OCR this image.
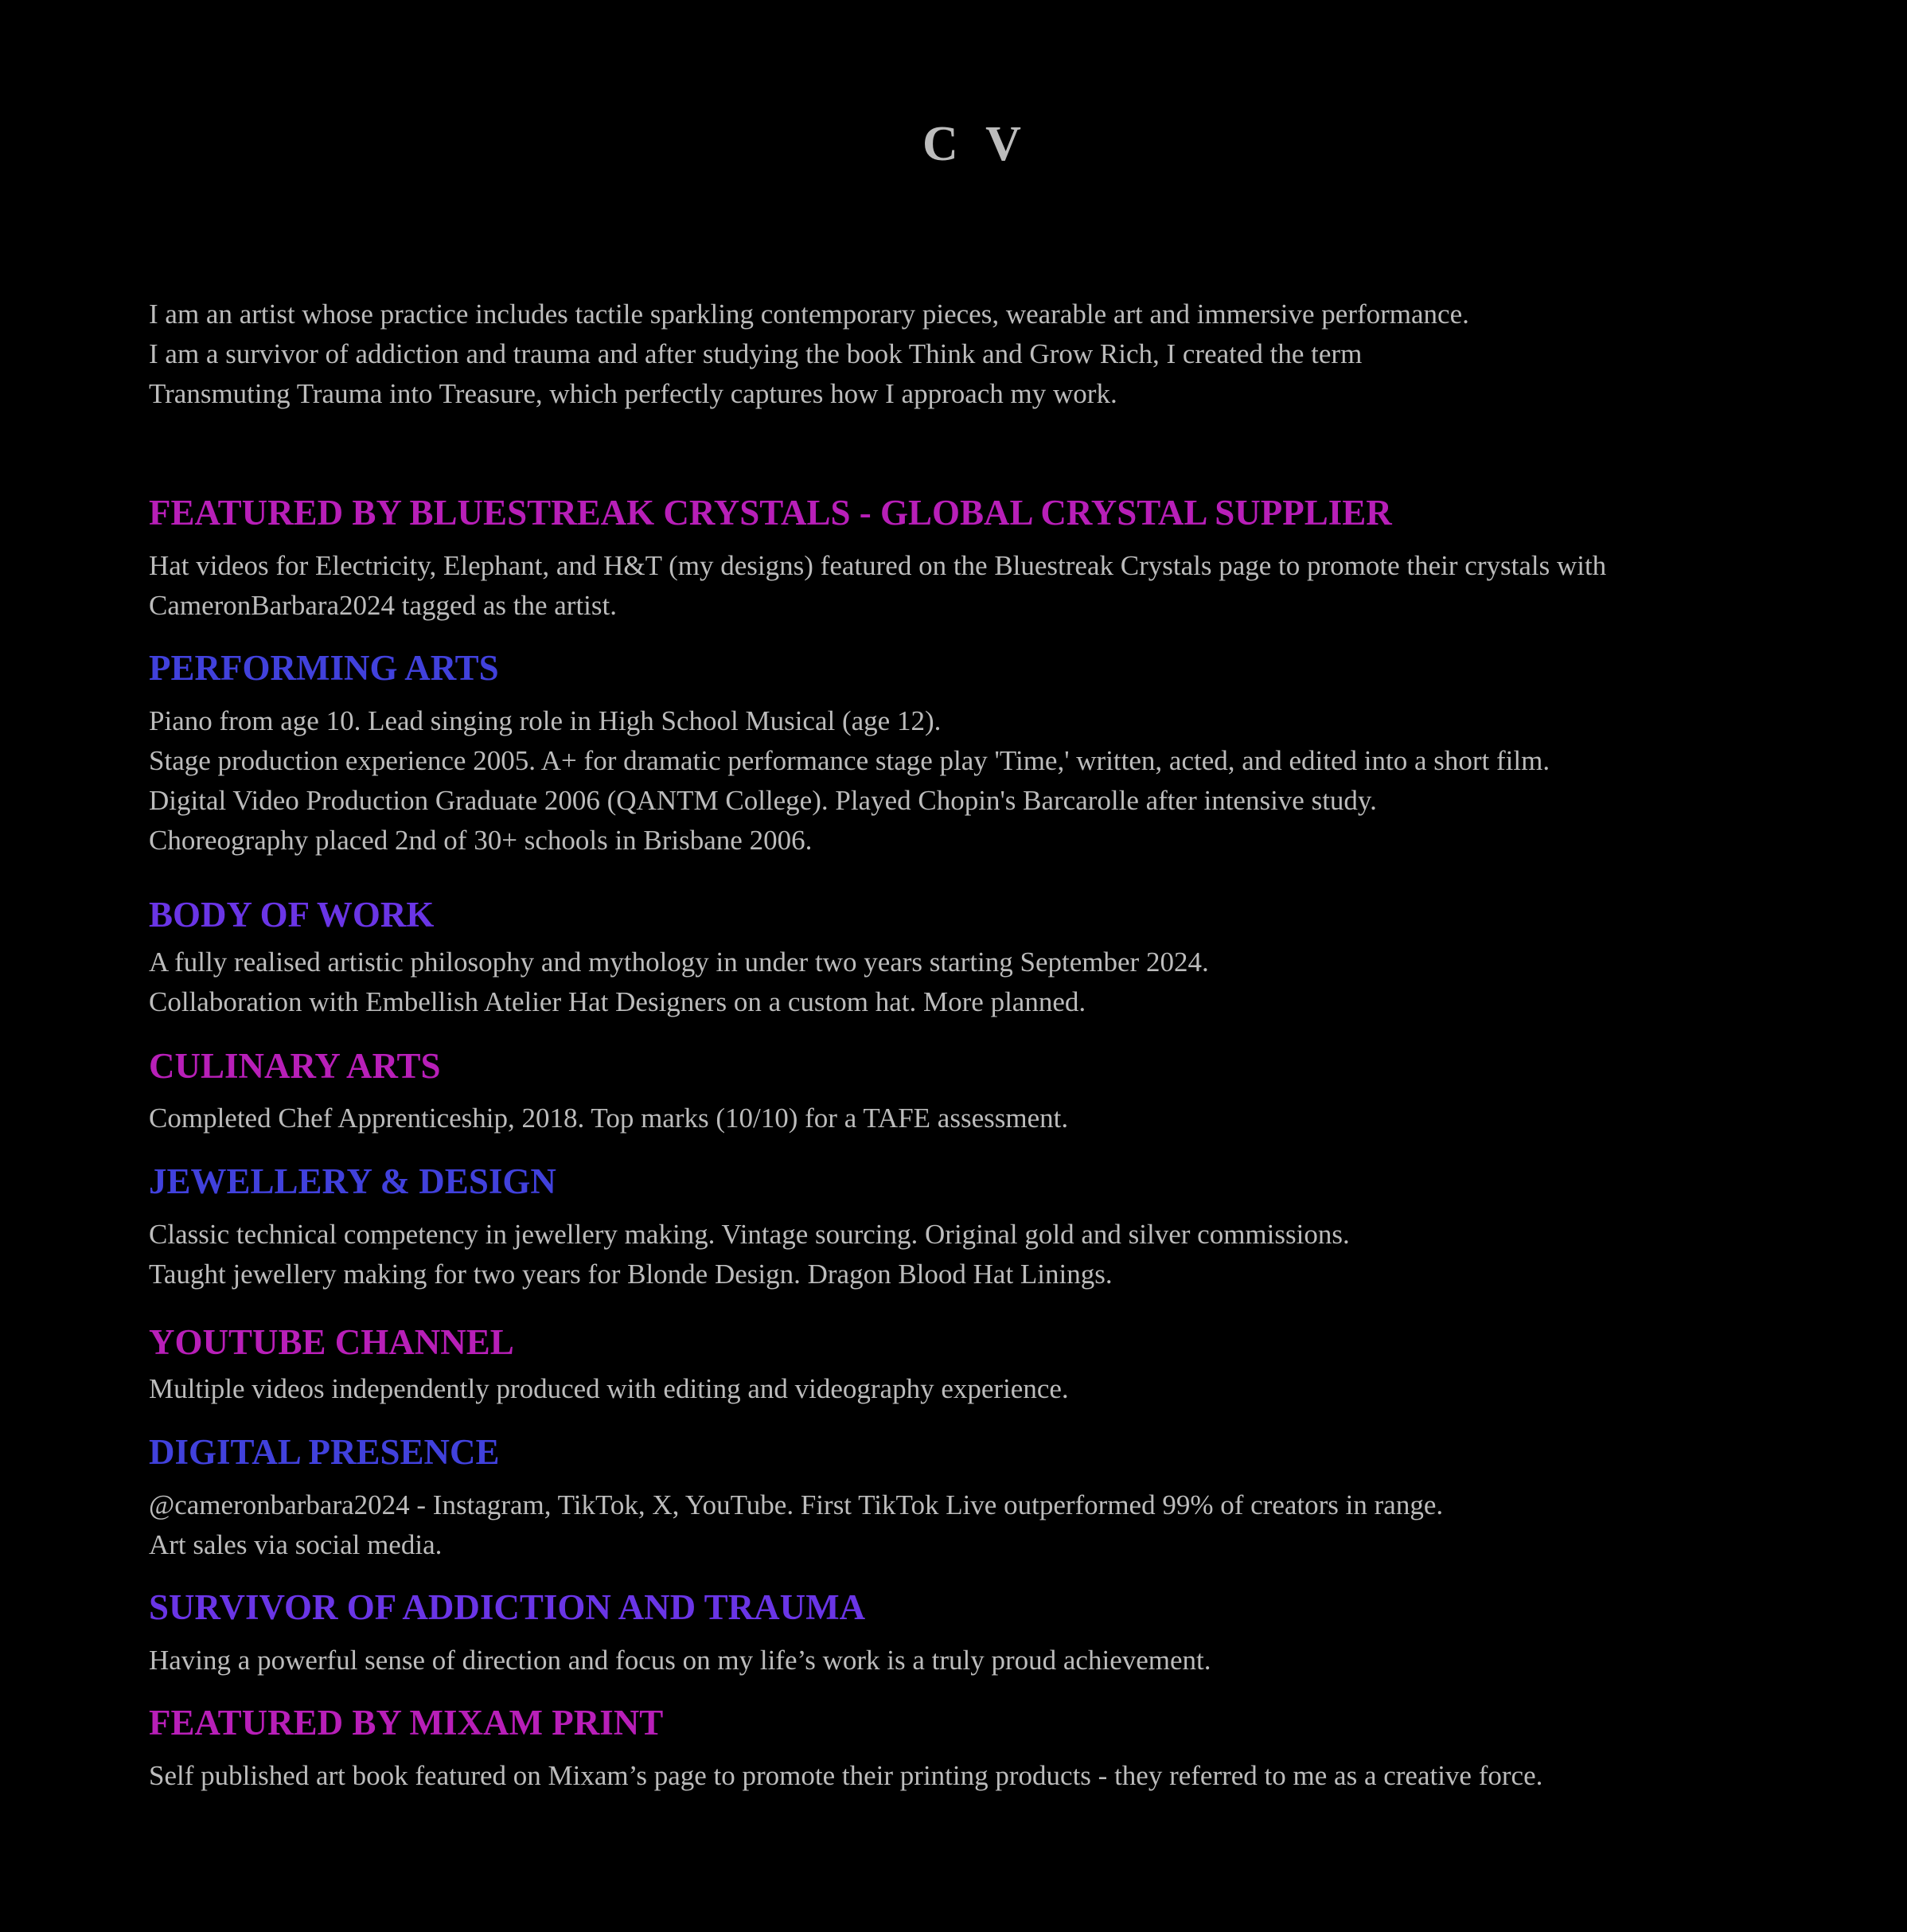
C V
I am an artist whose practice includes tactile sparkling contemporary pieces, wearable art and immersive performance.
I am a survivor of addiction and trauma and after studying the book Think and Grow Rich, I created the term
Transmuting Trauma into Treasure, which perfectly captures how I approach my work.
FEATURED BY BLUESTREAK CRYSTALS - GLOBAL CRYSTAL SUPPLIER
Hat videos for Electricity, Elephant, and H&T (my designs) featured on the Bluestreak Crystals page to promote their crystals with
CameronBarbara2024 tagged as the artist.
PERFORMING ARTS
Piano from age 10. Lead singing role in High School Musical (age 12).
Stage production experience 2005. A+ for dramatic performance stage play 'Time,' written, acted, and edited into a short film.
Digital Video Production Graduate 2006 (QANTM College). Played Chopin's Barcarolle after intensive study.
Choreography placed 2nd of 30+ schools in Brisbane 2006.
BODY OF WORK
A fully realised artistic philosophy and mythology in under two years starting September 2024.
Collaboration with Embellish Atelier Hat Designers on a custom hat. More planned.
CULINARY ARTS
Completed Chef Apprenticeship, 2018. Top marks (10/10) for a TAFE assessment.
JEWELLERY & DESIGN
Classic technical competency in jewellery making. Vintage sourcing. Original gold and silver commissions.
Taught jewellery making for two years for Blonde Design. Dragon Blood Hat Linings.
YOUTUBE CHANNEL
Multiple videos independently produced with editing and videography experience.
DIGITAL PRESENCE
@cameronbarbara2024 - Instagram, TikTok, X, YouTube. First TikTok Live outperformed 99% of creators in range.
Art sales via social media.
SURVIVOR OF ADDICTION AND TRAUMA
Having a powerful sense of direction and focus on my life’s work is a truly proud achievement.
FEATURED BY MIXAM PRINT
Self published art book featured on Mixam’s page to promote their printing products - they referred to me as a creative force.
